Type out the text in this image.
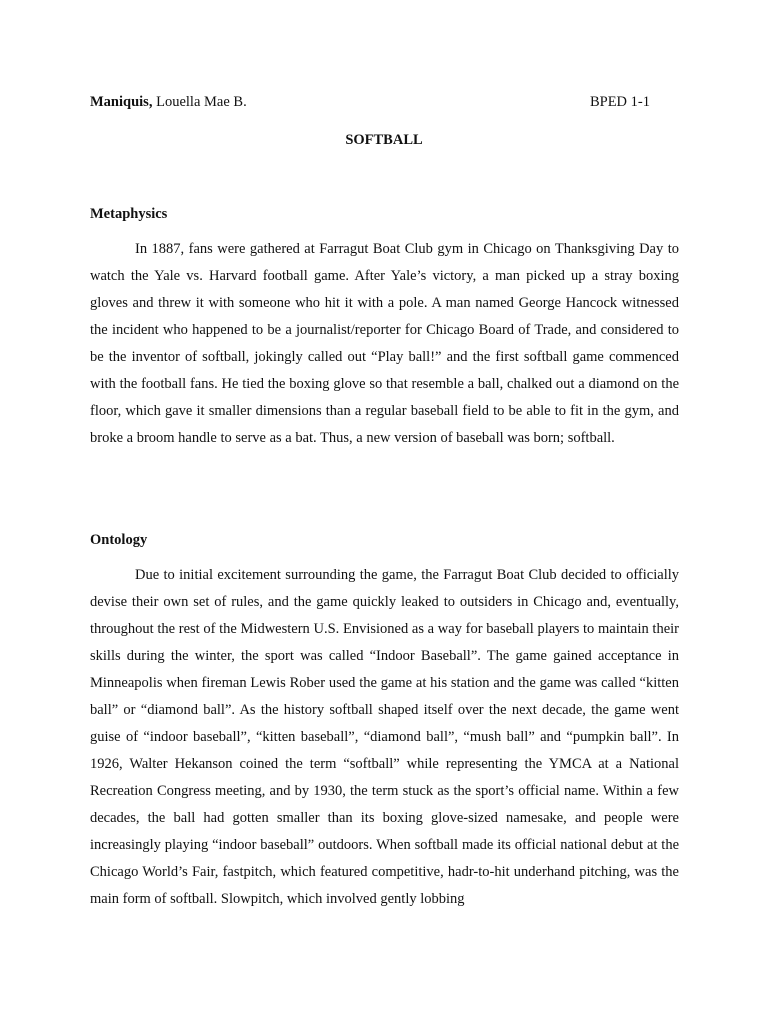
Maniquis, Louella Mae B.	BPED 1-1
SOFTBALL
Metaphysics

In 1887, fans were gathered at Farragut Boat Club gym in Chicago on Thanksgiving Day to watch the Yale vs. Harvard football game. After Yale’s victory, a man picked up a stray boxing gloves and threw it with someone who hit it with a pole. A man named George Hancock witnessed the incident who happened to be a journalist/reporter for Chicago Board of Trade, and considered to be the inventor of softball, jokingly called out “Play ball!” and the first softball game commenced with the football fans. He tied the boxing glove so that resemble a ball, chalked out a diamond on the floor, which gave it smaller dimensions than a regular baseball field to be able to fit in the gym, and broke a broom handle to serve as a bat. Thus, a new version of baseball was born; softball.

Ontology

Due to initial excitement surrounding the game, the Farragut Boat Club decided to officially devise their own set of rules, and the game quickly leaked to outsiders in Chicago and, eventually, throughout the rest of the Midwestern U.S. Envisioned as a way for baseball players to maintain their skills during the winter, the sport was called “Indoor Baseball”. The game gained acceptance in Minneapolis when fireman Lewis Rober used the game at his station and the game was called “kitten ball” or “diamond ball”. As the history softball shaped itself over the next decade, the game went guise of “indoor baseball”, “kitten baseball”, “diamond ball”, “mush ball” and “pumpkin ball”. In 1926, Walter Hekanson coined the term “softball” while representing the YMCA at a National Recreation Congress meeting, and by 1930, the term stuck as the sport’s official name. Within a few decades, the ball had gotten smaller than its boxing glove-sized namesake, and people were increasingly playing “indoor baseball” outdoors. When softball made its official national debut at the Chicago World’s Fair, fastpitch, which featured competitive, hadr-to-hit underhand pitching, was the main form of softball. Slowpitch, which involved gently lobbing
